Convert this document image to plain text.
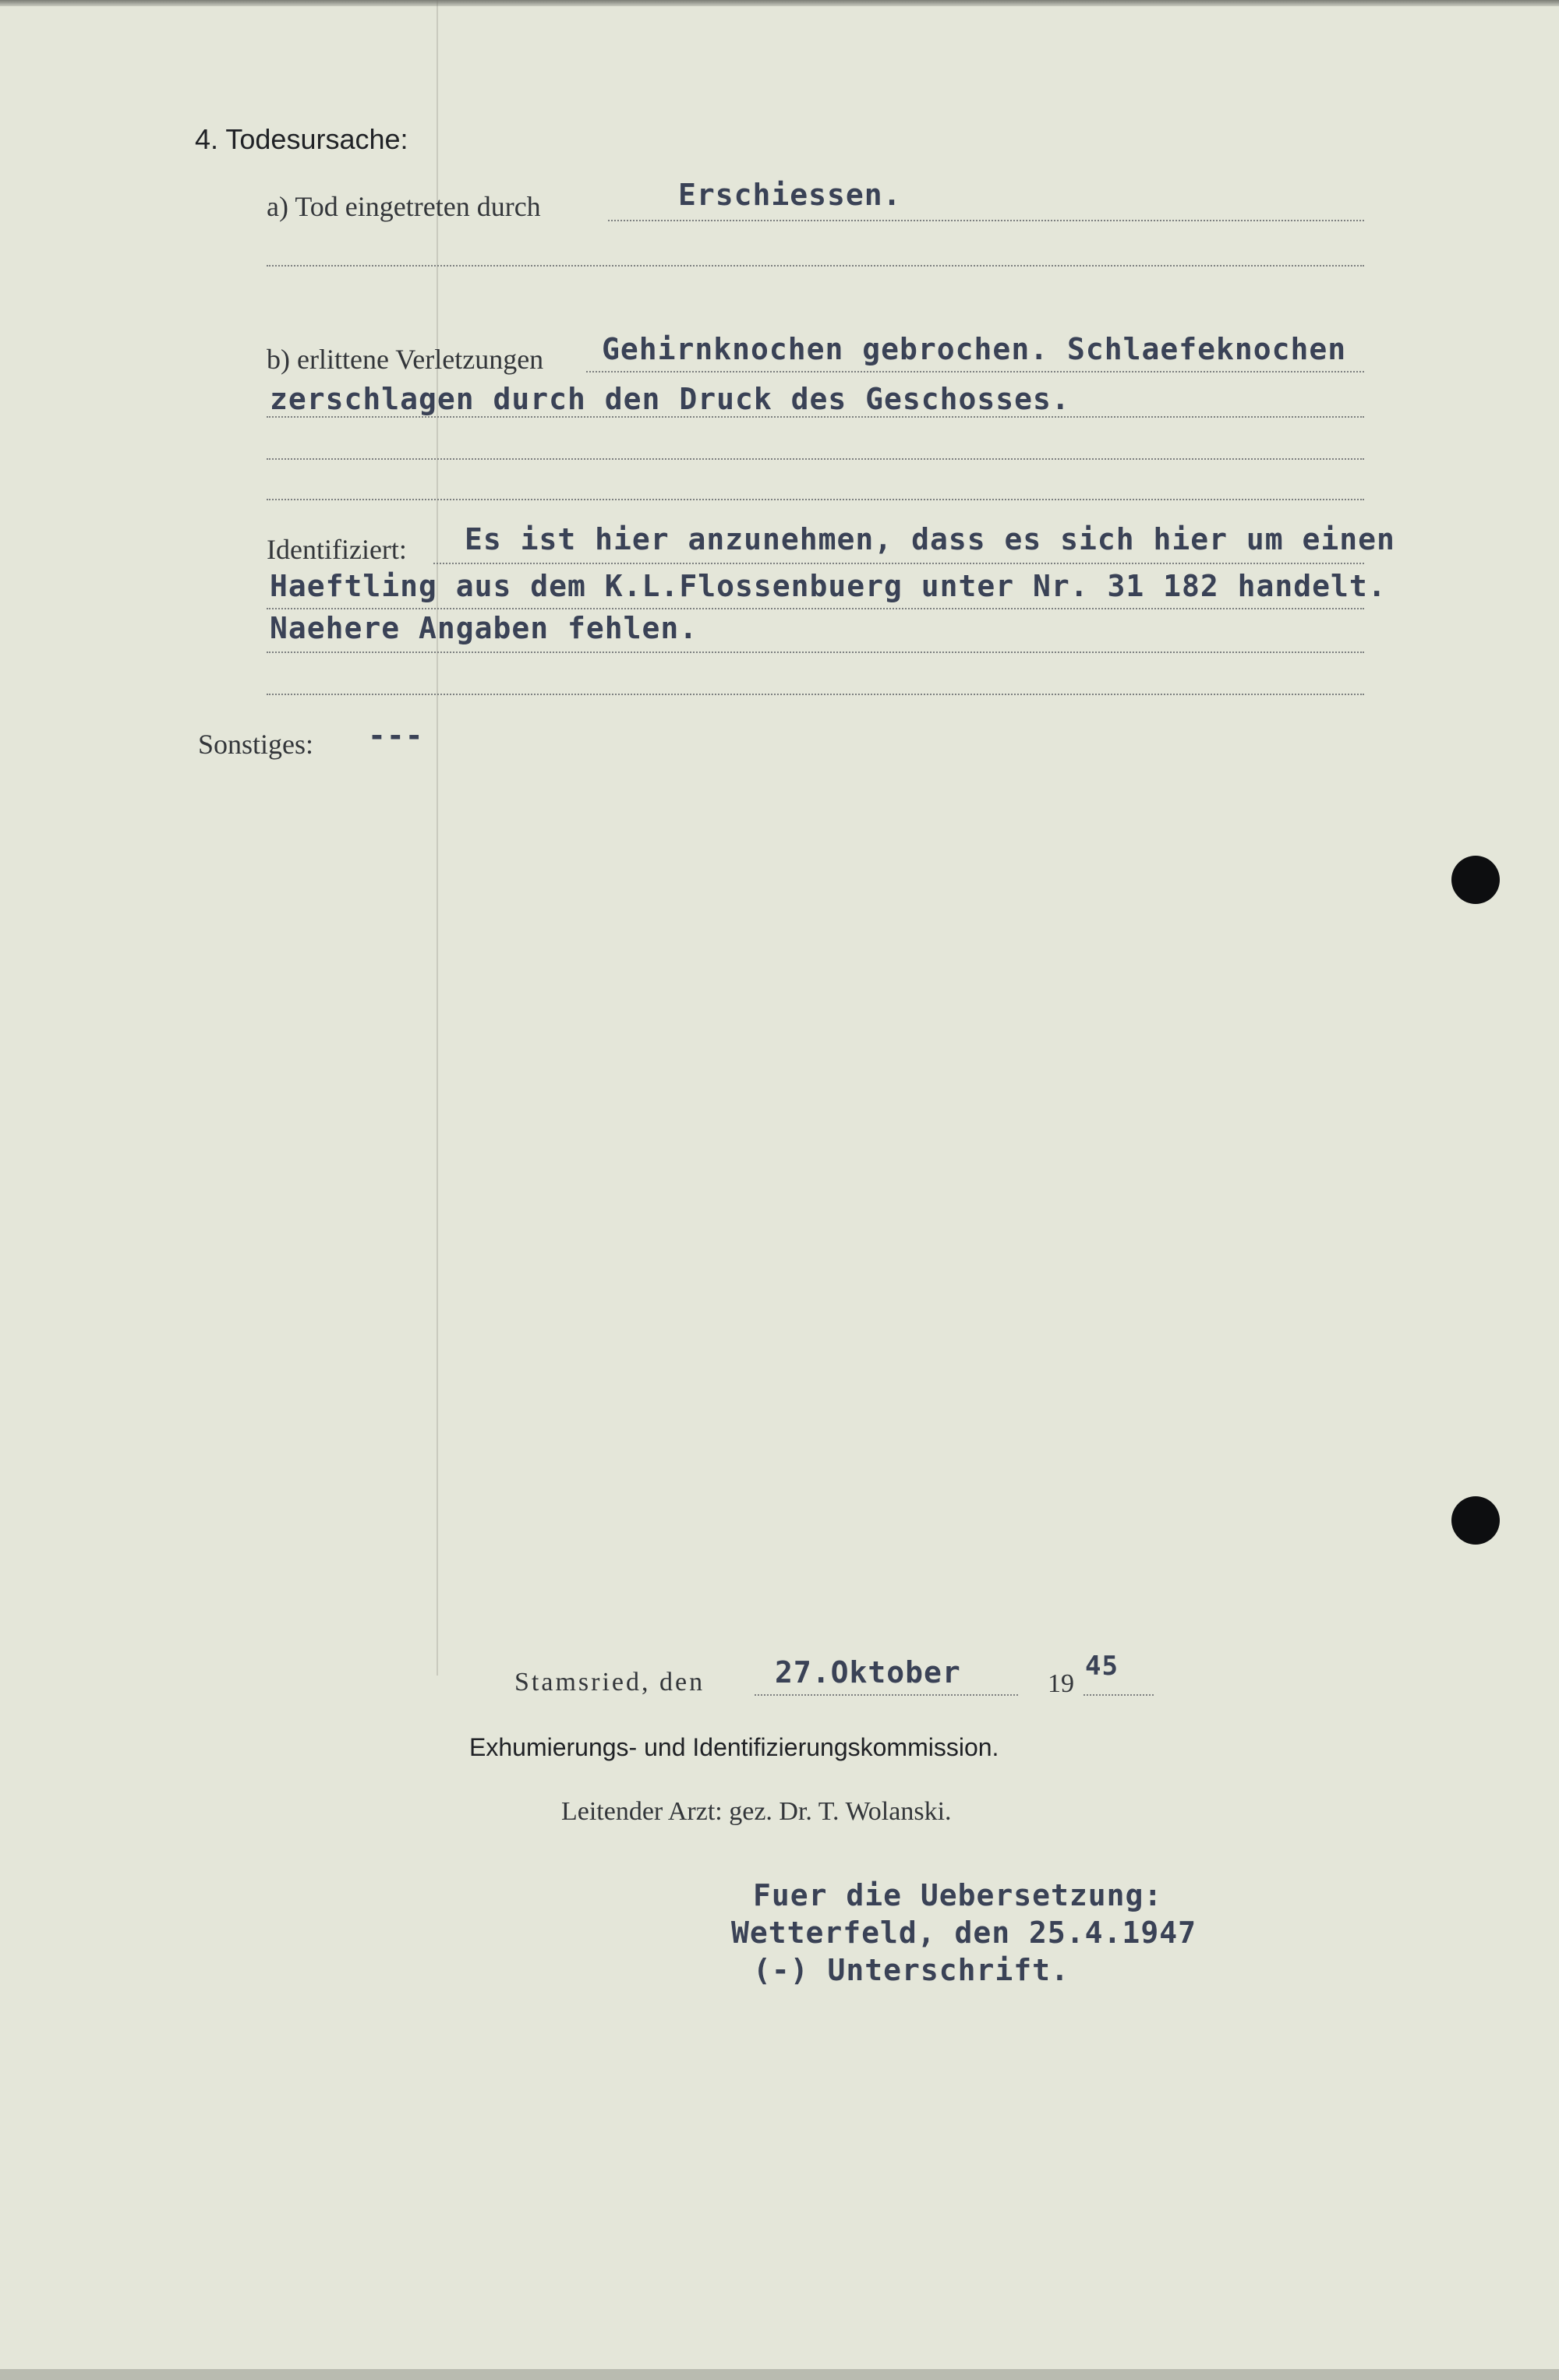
4. Todesursache:
a) Tod eingetreten durch	Erschiessen.
b) erlittene Verletzungen Gehirnknochen gebrochen. Schlaefeknochen
zerschlagen durch den Druck des Geschosses.
Identifiziert: Es ist hier anzunehmen, dass es sich hier um einen
Haeftling aus dem K.L.Flossenbuerg unter Nr. 31 182 handelt.
Naehere Angaben fehlen.
Sonstiges: ---
Stamsried, den 27.Oktober	19
45
Exhumierungs- und Identifizierungskommission.
Leitender Arzt: gez. Dr. T. Wolanski.
Fuer die Uebersetzung:
Wetterfeld, den 25.4.1947
(-) Unterschrift.
